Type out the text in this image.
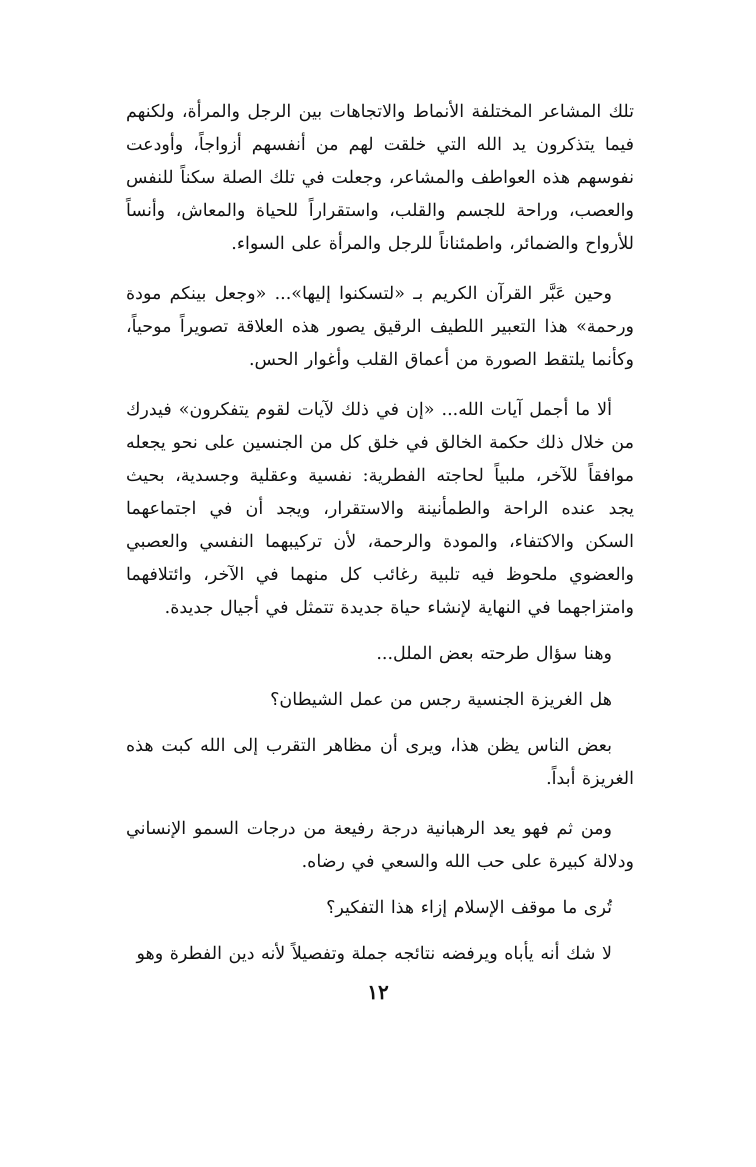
تلك المشاعر المختلفة الأنماط والاتجاهات بين الرجل والمرأة، ولكنهم فيما يتذكرون يد الله التي خلقت لهم من أنفسهم أزواجاً، وأودعت نفوسهم هذه العواطف والمشاعر، وجعلت في تلك الصلة سكناً للنفس والعصب، وراحة للجسم والقلب، واستقراراً للحياة والمعاش، وأنساً للأرواح والضمائر، واطمئناناً للرجل والمرأة على السواء.

وحين عَبَّر القرآن الكريم بـ «لتسكنوا إليها»... «وجعل بينكم مودة ورحمة» هذا التعبير اللطيف الرقيق يصور هذه العلاقة تصويراً موحياً، وكأنما يلتقط الصورة من أعماق القلب وأغوار الحس.

ألا ما أجمل آيات الله... «إن في ذلك لآيات لقوم يتفكرون» فيدرك من خلال ذلك حكمة الخالق في خلق كل من الجنسين على نحو يجعله موافقاً للآخر، ملبياً لحاجته الفطرية: نفسية وعقلية وجسدية، بحيث يجد عنده الراحة والطمأنينة والاستقرار، ويجد أن في اجتماعهما السكن والاكتفاء، والمودة والرحمة، لأن تركيبهما النفسي والعصبي والعضوي ملحوظ فيه تلبية رغائب كل منهما في الآخر، وائتلافهما وامتزاجهما في النهاية لإنشاء حياة جديدة تتمثل في أجيال جديدة.

وهنا سؤال طرحته بعض الملل...

هل الغريزة الجنسية رجس من عمل الشيطان؟

بعض الناس يظن هذا، ويرى أن مظاهر التقرب إلى الله كبت هذه الغريزة أبداً.

ومن ثم فهو يعد الرهبانية درجة رفيعة من درجات السمو الإنساني ودلالة كبيرة على حب الله والسعي في رضاه.

تُرى ما موقف الإسلام إزاء هذا التفكير؟

لا شك أنه يأباه ويرفضه نتائجه جملة وتفصيلاً لأنه دين الفطرة وهو

١٢
